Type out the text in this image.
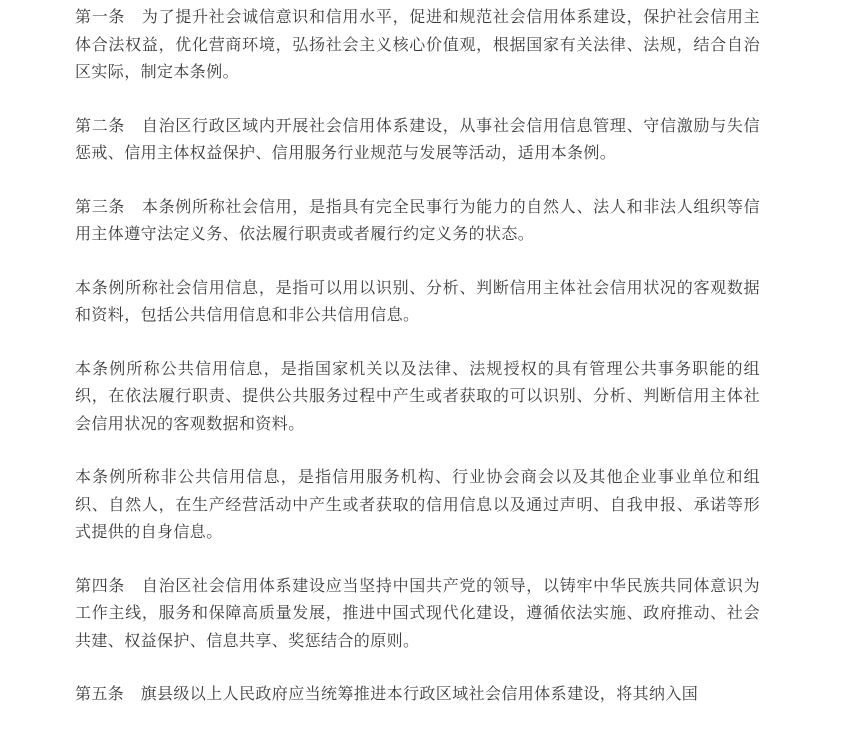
第一条　为了提升社会诚信意识和信用水平，促进和规范社会信用体系建设，保护社会信用主体合法权益，优化营商环境，弘扬社会主义核心价值观，根据国家有关法律、法规，结合自治区实际，制定本条例。

第二条　自治区行政区域内开展社会信用体系建设，从事社会信用信息管理、守信激励与失信惩戒、信用主体权益保护、信用服务行业规范与发展等活动，适用本条例。

第三条　本条例所称社会信用，是指具有完全民事行为能力的自然人、法人和非法人组织等信用主体遵守法定义务、依法履行职责或者履行约定义务的状态。

本条例所称社会信用信息，是指可以用以识别、分析、判断信用主体社会信用状况的客观数据和资料，包括公共信用信息和非公共信用信息。

本条例所称公共信用信息，是指国家机关以及法律、法规授权的具有管理公共事务职能的组织，在依法履行职责、提供公共服务过程中产生或者获取的可以识别、分析、判断信用主体社会信用状况的客观数据和资料。

本条例所称非公共信用信息，是指信用服务机构、行业协会商会以及其他企业事业单位和组织、自然人，在生产经营活动中产生或者获取的信用信息以及通过声明、自我申报、承诺等形式提供的自身信息。

第四条　自治区社会信用体系建设应当坚持中国共产党的领导，以铸牢中华民族共同体意识为工作主线，服务和保障高质量发展，推进中国式现代化建设，遵循依法实施、政府推动、社会共建、权益保护、信息共享、奖惩结合的原则。

第五条　旗县级以上人民政府应当统筹推进本行政区域社会信用体系建设，将其纳入国
